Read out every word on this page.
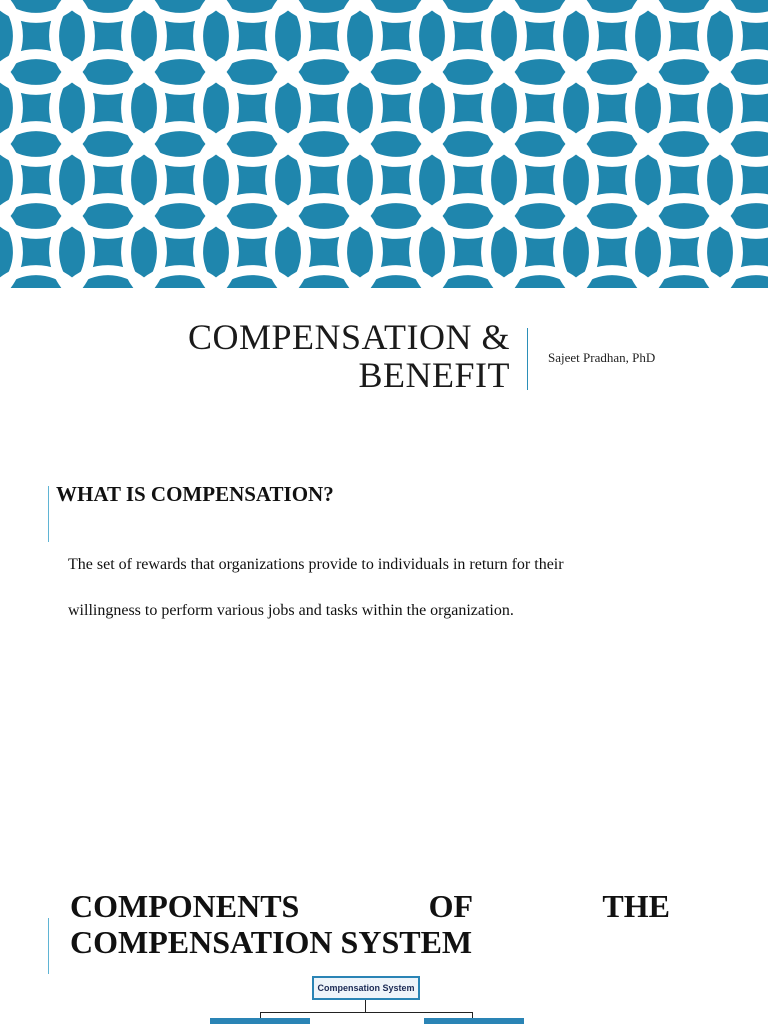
COMPENSATION &
BENEFIT	Sajeet Pradhan, PhD
WHAT IS COMPENSATION?
The set of rewards that organizations provide to individuals in return for their
willingness to perform various jobs and tasks within the organization.
COMPONENTS	OF	THE
COMPENSATION SYSTEM
Compensation System
